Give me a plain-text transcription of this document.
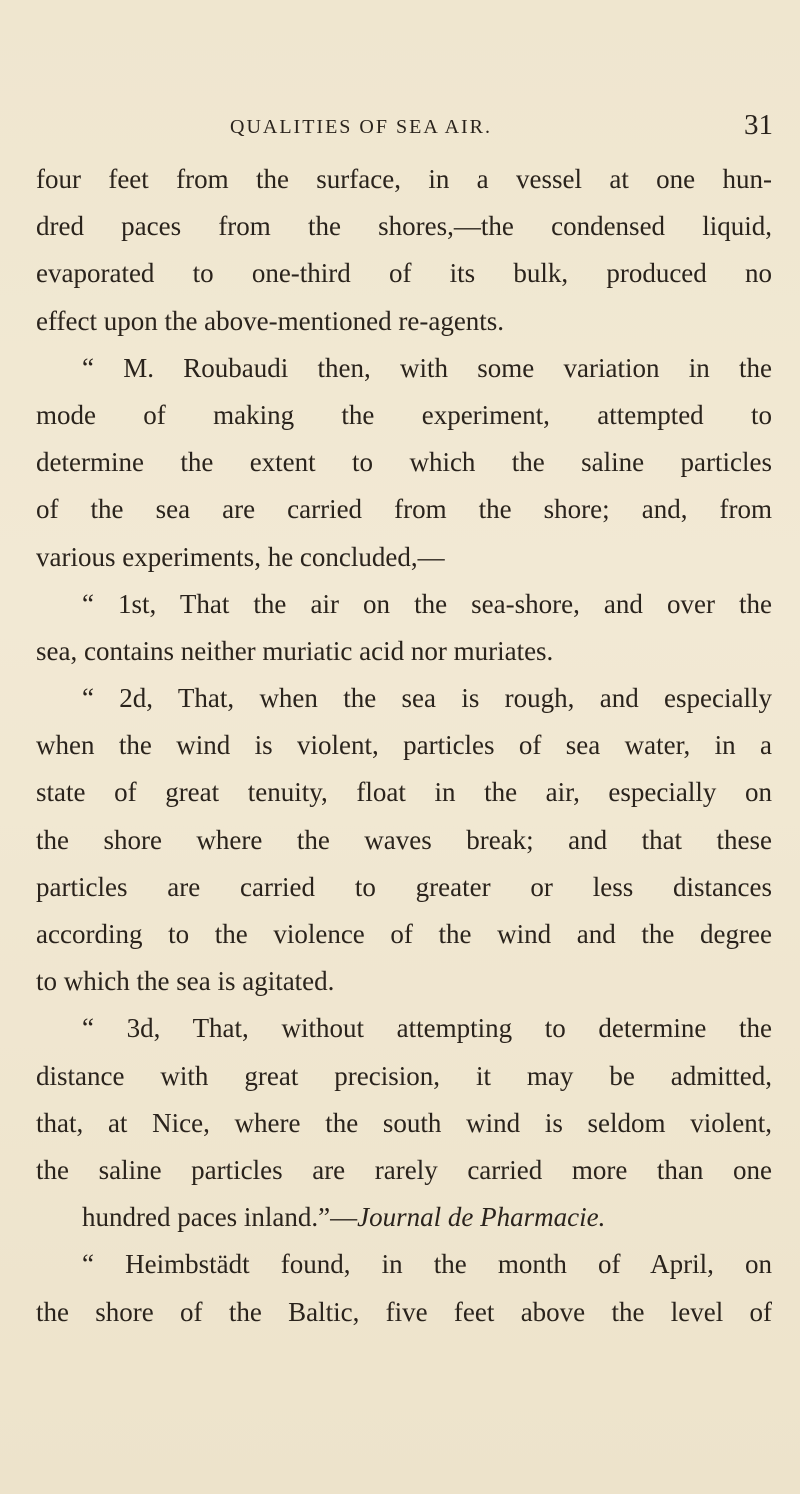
QUALITIES OF SEA AIR.	31
four feet from the surface, in a vessel at one hun-
dred paces from the shores,—the condensed liquid,
evaporated to one-third of its bulk, produced no
effect upon the above-mentioned re-agents.
“ M. Roubaudi then, with some variation in the
mode of making the experiment, attempted to
determine the extent to which the saline particles
of the sea are carried from the shore; and, from
various experiments, he concluded,—
“ 1st, That the air on the sea-shore, and over the
sea, contains neither muriatic acid nor muriates.
“ 2d, That, when the sea is rough, and especially
when the wind is violent, particles of sea water, in a
state of great tenuity, float in the air, especially on
the shore where the waves break; and that these
particles are carried to greater or less distances
according to the violence of the wind and the degree
to which the sea is agitated.
“ 3d, That, without attempting to determine the
distance with great precision, it may be admitted,
that, at Nice, where the south wind is seldom violent,
the saline particles are rarely carried more than one
hundred paces inland.”—Journal de Pharmacie.
“ Heimbstädt found, in the month of April, on
the shore of the Baltic, five feet above the level of
